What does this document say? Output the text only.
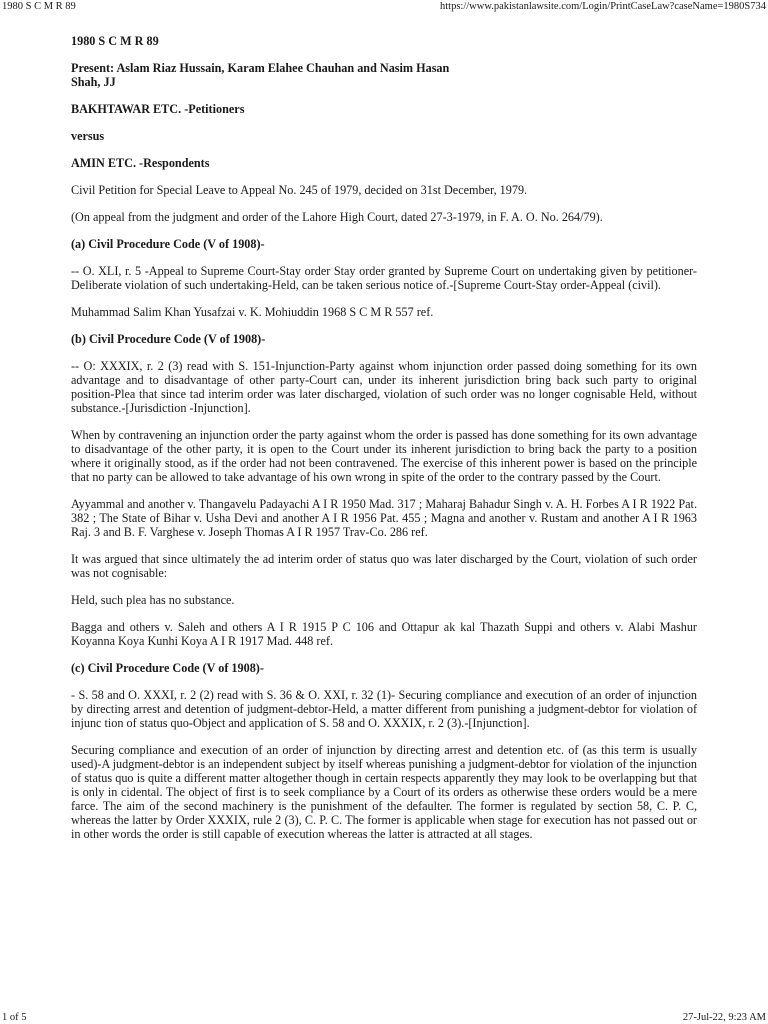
1980 S C M R 89	https://www.pakistanlawsite.com/Login/PrintCaseLaw?caseName=1980S734

1980 S C M R 89

Present: Aslam Riaz Hussain, Karam Elahee Chauhan and Nasim Hasan Shah, JJ

BAKHTAWAR ETC. -Petitioners

versus

AMIN ETC. -Respondents

Civil Petition for Special Leave to Appeal No. 245 of 1979, decided on 31st December, 1979.

(On appeal from the judgment and order of the Lahore High Court, dated 27-3-1979, in F. A. O. No. 264/79).

(a) Civil Procedure Code (V of 1908)-

-- O. XLI, r. 5 -Appeal to Supreme Court-Stay order Stay order granted by Supreme Court on undertaking given by petitioner-Deliberate violation of such undertaking-Held, can be taken serious notice of.-[Supreme Court-Stay order-Appeal (civil).

Muhammad Salim Khan Yusafzai v. K. Mohiuddin 1968 S C M R 557 ref.

(b) Civil Procedure Code (V of 1908)-

-- O: XXXIX, r. 2 (3) read with S. 151-Injunction-Party against whom injunction order passed doing something for its own advantage and to disadvantage of other party-Court can, under its inherent jurisdiction bring back such party to original position-Plea that since tad interim order was later discharged, violation of such order was no longer cognisable Held, without substance.-[Jurisdiction -Injunction].

When by contravening an injunction order the party against whom the order is passed has done something for its own advantage to disadvantage of the other party, it is open to the Court under its inherent jurisdiction to bring back the party to a position where it originally stood, as if the order had not been contravened. The exercise of this inherent power is based on the principle that no party can be allowed to take advantage of his own wrong in spite of the order to the contrary passed by the Court.

Ayyammal and another v. Thangavelu Padayachi A I R 1950 Mad. 317 ; Maharaj Bahadur Singh v. A. H. Forbes A I R 1922 Pat. 382 ; The State of Bihar v. Usha Devi and another A I R 1956 Pat. 455 ; Magna and another v. Rustam and another A I R 1963 Raj. 3 and B. F. Varghese v. Joseph Thomas A I R 1957 Trav-Co. 286 ref.

It was argued that since ultimately the ad interim order of status quo was later discharged by the Court, violation of such order was not cognisable:

Held, such plea has no substance.

Bagga and others v. Saleh and others A I R 1915 P C 106 and Ottapur ak kal Thazath Suppi and others v. Alabi Mashur Koyanna Koya Kunhi Koya A I R 1917 Mad. 448 ref.

(c) Civil Procedure Code (V of 1908)-

- S. 58 and O. XXXI, r. 2 (2) read with S. 36 & O. XXI, r. 32 (1)- Securing compliance and execution of an order of injunction by directing arrest and detention of judgment-debtor-Held, a matter different from punishing a judgment-debtor for violation of injunc tion of status quo-Object and application of S. 58 and O. XXXIX, r. 2 (3).-[Injunction].

Securing compliance and execution of an order of injunction by directing arrest and detention etc. of (as this term is usually used)-A judgment-debtor is an independent subject by itself whereas punishing a judgment-debtor for violation of the injunction of status quo is quite a different matter altogether though in certain respects apparently they may look to be overlapping but that is only in cidental. The object of first is to seek compliance by a Court of its orders as otherwise these orders would be a mere farce. The aim of the second machinery is the punishment of the defaulter. The former is regulated by section 58, C. P. C, whereas the latter by Order XXXIX, rule 2 (3), C. P. C. The former is applicable when stage for execution has not passed out or in other words the order is still capable of execution whereas the latter is attracted at all stages.

1 of 5	27-Jul-22, 9:23 AM
